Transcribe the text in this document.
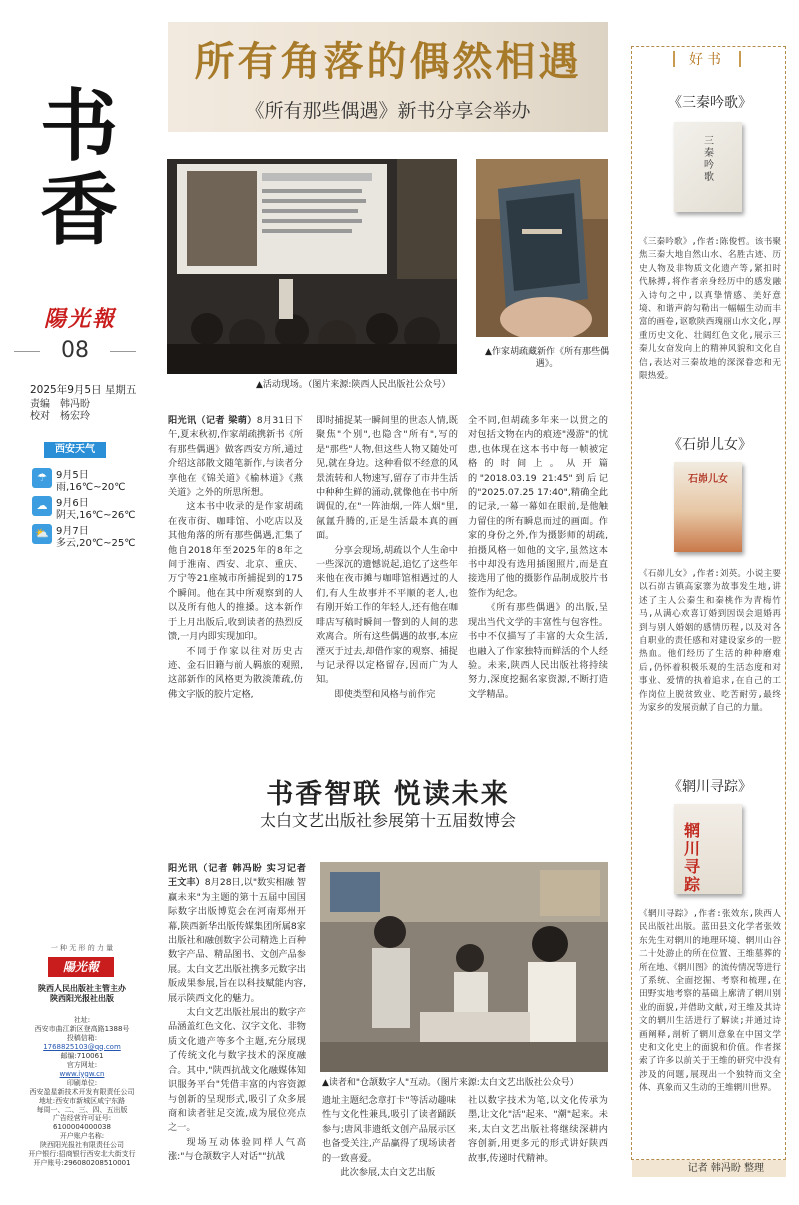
书
香
陽光報
08
2025年9月5日 星期五
责编　韩冯盼
校对　杨宏玲
西安天气
☂ 9月5日
雨,16℃~20℃
☁ 9月6日
阴天,16℃~26℃
⛅ 9月7日
多云,20℃~25℃
一 种 无 形 的 力 量
陽光報
陕西人民出版社主管主办
陕西阳光报社出版
社址:
西安市曲江新区登高路1388号
投稿信箱:
1768825103@qq.com
邮编:710061
官方网址:
www.iygw.cn
印刷单位:
西安盈星新技术开发有限责任公司
地址:西安市新城区咸宁东路
每周一、二、三、四、五出版
广告经营许可证号:
6100004000038
开户账户名称:
陕西阳光报社有限责任公司
开户银行:招商银行西安北大街支行
开户账号:296080208510001
所有角落的偶然相遇
《所有那些偶遇》新书分享会举办
▲活动现场。（图片来源:陕西人民出版社公众号）
▲作家胡疏藏新作《所有那些偶遇》。

阳光讯（记者 梁萌）8月31日下午,夏末秋初,作家胡疏携新书《所有那些偶遇》做客西安方所,通过介绍这部散文随笔新作,与读者分享他在《锦关道》《榆林道》《燕关道》之外的所思所想。

这本书中收录的是作家胡疏在夜市街、咖啡馆、小吃店以及其他角落的所有那些偶遇,汇集了他自2018年至2025年的8年之间于淮南、西安、北京、重庆、万宁等21座城市所捕捉到的175个瞬间。他在其中所观察到的人以及所有他人的推搡。这本新作于上月出版后,收到读者的热烈反馈,一月内即实现加印。

不同于作家以往对历史古迹、金石旧籍与前人羁旅的观照,这部新作的风格更为散淡萧疏,仿佛文字版的胶片定格,

即时捕捉某一瞬间里的世态人情,既聚焦"个别",也隐含"所有",写的是"那些"人物,但这些人物又随处可见,就在身边。这种看似不经意的风景流转和人物速写,留存了市井生活中种种生鲜的涌动,就像他在书中所调侃的,在"一阵油烟,一阵人烟"里,氤氲升腾的,正是生活最本真的画面。

分享会现场,胡疏以个人生命中一些深沉的遗憾说起,追忆了这些年来他在夜市摊与咖啡馆相遇过的人们,有人生故事并不平顺的老人,也有刚开始工作的年轻人,还有他在咖啡店写稿时瞬间一瞥到的人间的悲欢离合。所有这些偶遇的故事,本应湮灭于过去,却借作家的观察、捕捉与记录得以定格留存,因而广为人知。

即使类型和风格与前作完

全不同,但胡疏多年来一以贯之的对包括文物在内的痕迹"漫游"的忧患,也体现在这本书中每一帧被定格的时间上。从开篇的"2018.03.19 21:45"到后记的"2025.07.25 17:40",精确全此的记录,一幕一幕如在眼前,是他触力留住的所有瞬息而过的画面。作家的身份之外,作为摄影师的胡疏,拍摄风格一如他的文字,虽然这本书中却没有选用插图照片,而是直接选用了他的摄影作品制成胶片书签作为纪念。

《所有那些偶遇》的出版,呈现出当代文学的丰富性与包容性。书中不仅描写了丰富的大众生活,也融入了作家独特而鲜活的个人经验。未来,陕西人民出版社将持续努力,深度挖掘名家资源,不断打造文学精品。

书香智联 悦读未来
太白文艺出版社参展第十五届数博会

阳光讯（记者 韩冯盼 实习记者 王文丰）8月28日,以"数实相融 智赢未来"为主题的第十五届中国国际数字出版博览会在河南郑州开幕,陕西新华出版传媒集团所属8家出版社和融创数字公司精选上百种数字产品、精品图书、文创产品参展。太白文艺出版社携多元数字出版成果参展,旨在以科技赋能内容,展示陕西文化的魅力。

太白文艺出版社展出的数字产品涵盖红色文化、汉字文化、非物质文化遗产等多个主题,充分展现了传统文化与数字技术的深度融合。其中,"陕西抗战文化融媒体知识服务平台"凭借丰富的内容资源与创新的呈现形式,吸引了众多展商和读者驻足交流,成为展位亮点之一。

现场互动体验同样人气高涨:"与仓颉数字人对话""抗战

▲读者和"仓颉数字人"互动。（图片来源:太白文艺出版社公众号）

遗址主题纪念章打卡"等活动趣味性与文化性兼具,吸引了读者踊跃参与;唐风非遗纸文创产品展示区也备受关注,产品赢得了现场读者的一致喜爱。

此次参展,太白文艺出版

社以数字技术为笔,以文化传承为墨,让文化"活"起来、"潮"起来。未来,太白文艺出版社将继续深耕内容创新,用更多元的形式讲好陕西故事,传递时代精神。

好书
《三秦吟歌》
三秦吟歌
《三秦吟歌》,作者:陈俊哲。该书聚焦三秦大地自然山水、名胜古迹、历史人物及非物质文化遗产等,紧扣时代脉搏,将作者亲身经历中的感发融入诗句之中,以真挚情感、美好意境、和谐声韵勾勒出一幅幅生动而丰富的画卷,讴歌陕西瑰丽山水文化,厚重历史文化、壮阔红色文化,展示三秦儿女奋发向上的精神风貌和文化自信,表达对三秦故地的深深眷恋和无限热爱。
《石峁儿女》
石峁儿女
《石峁儿女》,作者:刘英。小说主要以石峁古镇高家寨为故事发生地,讲述了主人公秦生和秦桃作为青梅竹马,从满心欢喜订婚到因误会退婚再到与别人婚姻的感情历程,以及对各自职业的责任感和对建设家乡的一腔热血。他们经历了生活的种种磨难后,仍怀着积极乐观的生活态度和对事业、爱情的执着追求,在自己的工作岗位上脱贫致业、吃苦耐劳,最终为家乡的发展贡献了自己的力量。
《辋川寻踪》
辋川寻踪
《辋川寻踪》,作者:张效东,陕西人民出版社出版。蓝田县文化学者张效东先生对辋川的地理环境、辋川山谷二十处游止的所在位置、王维墓葬的所在地、《辋川图》的流传情况等进行了系统、全面挖掘、考察和梳理,在田野实地考察的基础上廓清了辋川别业的面貌,并借助文献,对王维及其诗文的辋川生活进行了解读;并通过诗画阐释,剖析了辋川意象在中国文学史和文化史上的面貌和价值。作者探索了许多以前关于王维的研究中没有涉及的问题,展现出一个独特而文全体、真象而又生动的王维辋川世界。
记者 韩冯盼 整理
